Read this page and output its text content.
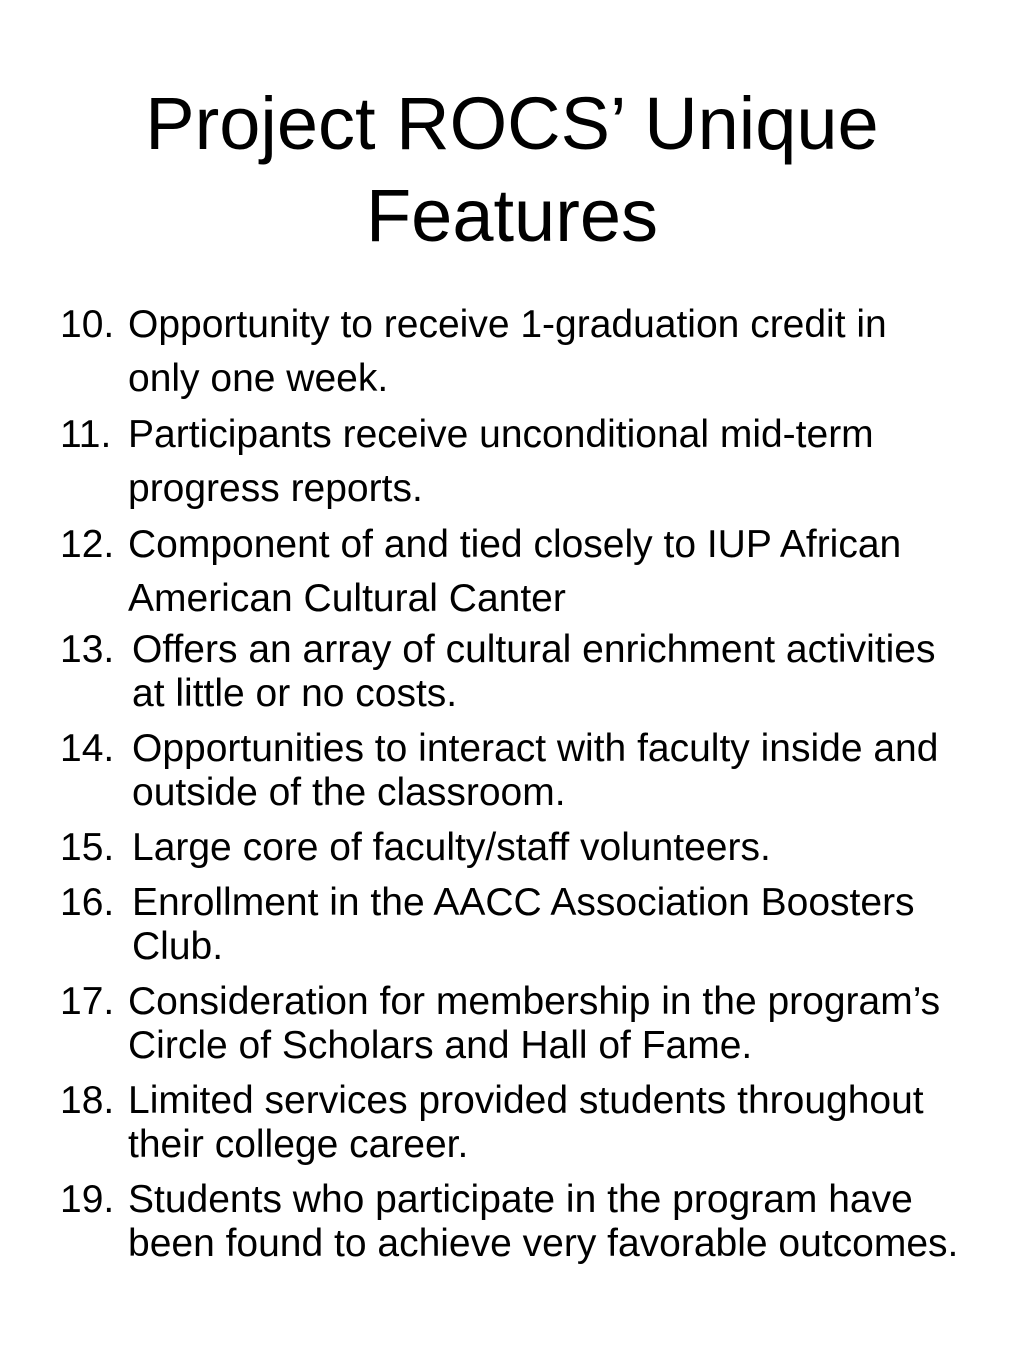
Project ROCS’ Unique
Features
10. Opportunity to receive 1-graduation credit in only one week.
11. Participants receive unconditional mid-term progress reports.
12. Component of and tied closely to IUP African American Cultural Canter
13. Offers an array of cultural enrichment activities at little or no costs.
14. Opportunities to interact with faculty inside and outside of the classroom.
15. Large core of faculty/staff volunteers.
16. Enrollment in the AACC Association Boosters Club.
17. Consideration for membership in the program’s Circle of Scholars and Hall of Fame.
18. Limited services provided students throughout their college career.
19. Students who participate in the program have been found to achieve very favorable outcomes.
